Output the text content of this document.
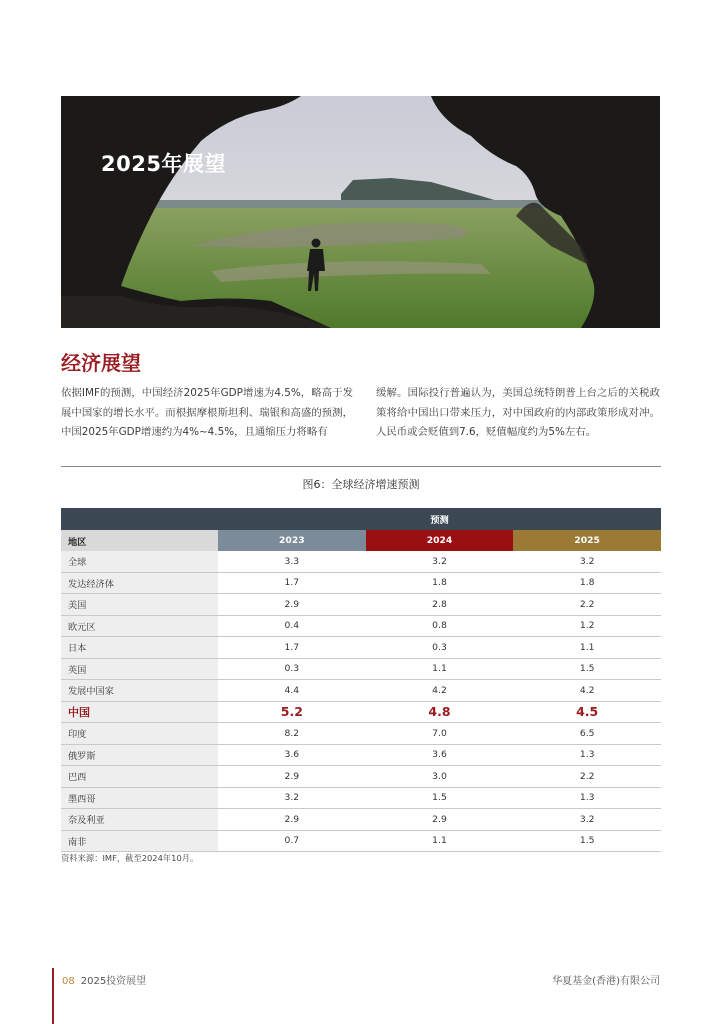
2025年展望
经济展望
依据IMF的预测，中国经济2025年GDP增速为4.5%，略高于发展中国家的增长水平。而根据摩根斯坦利、瑞银和高盛的预测，中国2025年GDP增速约为4%~4.5%，且通缩压力将略有
缓解。国际投行普遍认为，美国总统特朗普上台之后的关税政策将给中国出口带来压力，对中国政府的内部政策形成对冲。人民币或会贬值到7.6，贬值幅度约为5%左右。
图6：全球经济增速预测
	预测		
地区	2023	2024	2025
全球	3.3	3.2	3.2
发达经济体	1.7	1.8	1.8
美国	2.9	2.8	2.2
欧元区	0.4	0.8	1.2
日本	1.7	0.3	1.1
英国	0.3	1.1	1.5
发展中国家	4.4	4.2	4.2
中国	5.2	4.8	4.5
印度	8.2	7.0	6.5
俄罗斯	3.6	3.6	1.3
巴西	2.9	3.0	2.2
墨西哥	3.2	1.5	1.3
奈及利亚	2.9	2.9	3.2
南非	0.7	1.1	1.5
资料来源：IMF，截至2024年10月。
08 2025投资展望	华夏基金(香港)有限公司
